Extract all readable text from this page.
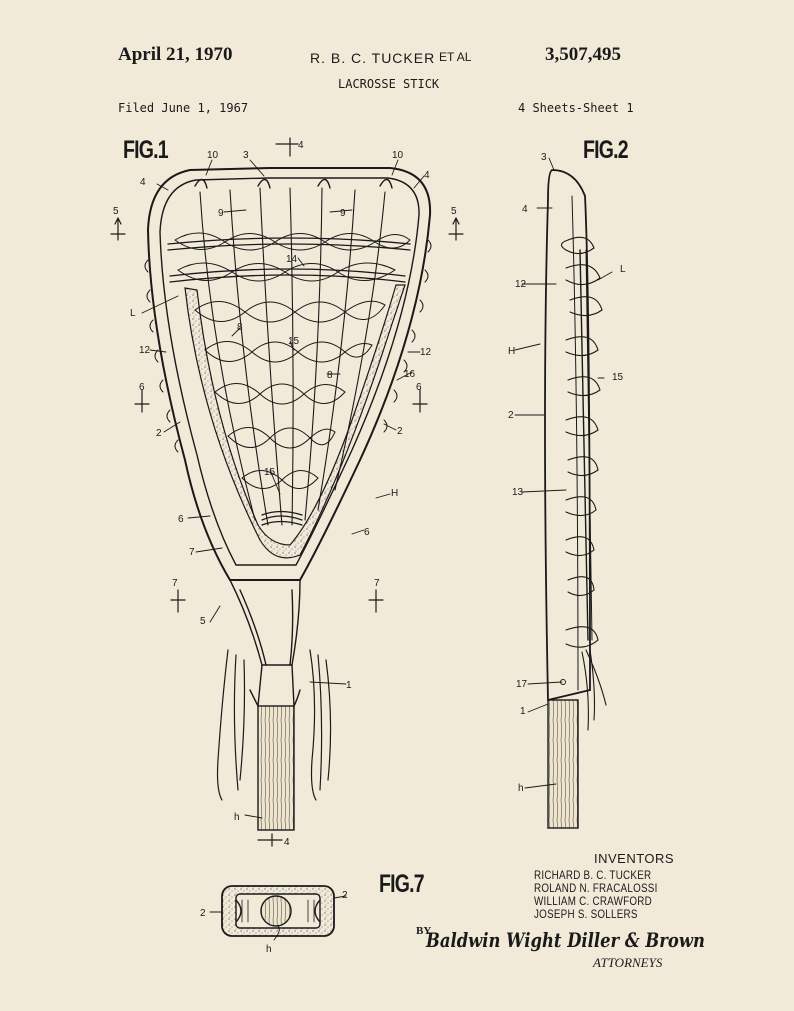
April 21, 1970	R. B. C. TUCKER ET AL	3,507,495
LACROSSE STICK
Filed June 1, 1967	4 Sheets-Sheet 1
FIG.1	FIG.2
FIG.7
10 3
4
10
4
4
5	5
9	9
14
L
8
15
12	12
16
8
6	6
2	2
15
H
6
6
7
7	7
5
1
h
4
3
4
12
L
H
15
2
13
17
1
h
2
2
h
INVENTORS
RICHARD B. C. TUCKER
ROLAND N. FRACALOSSI
WILLIAM C. CRAWFORD
JOSEPH S. SOLLERS
BY
Baldwin Wight Diller & Brown
ATTORNEYS
